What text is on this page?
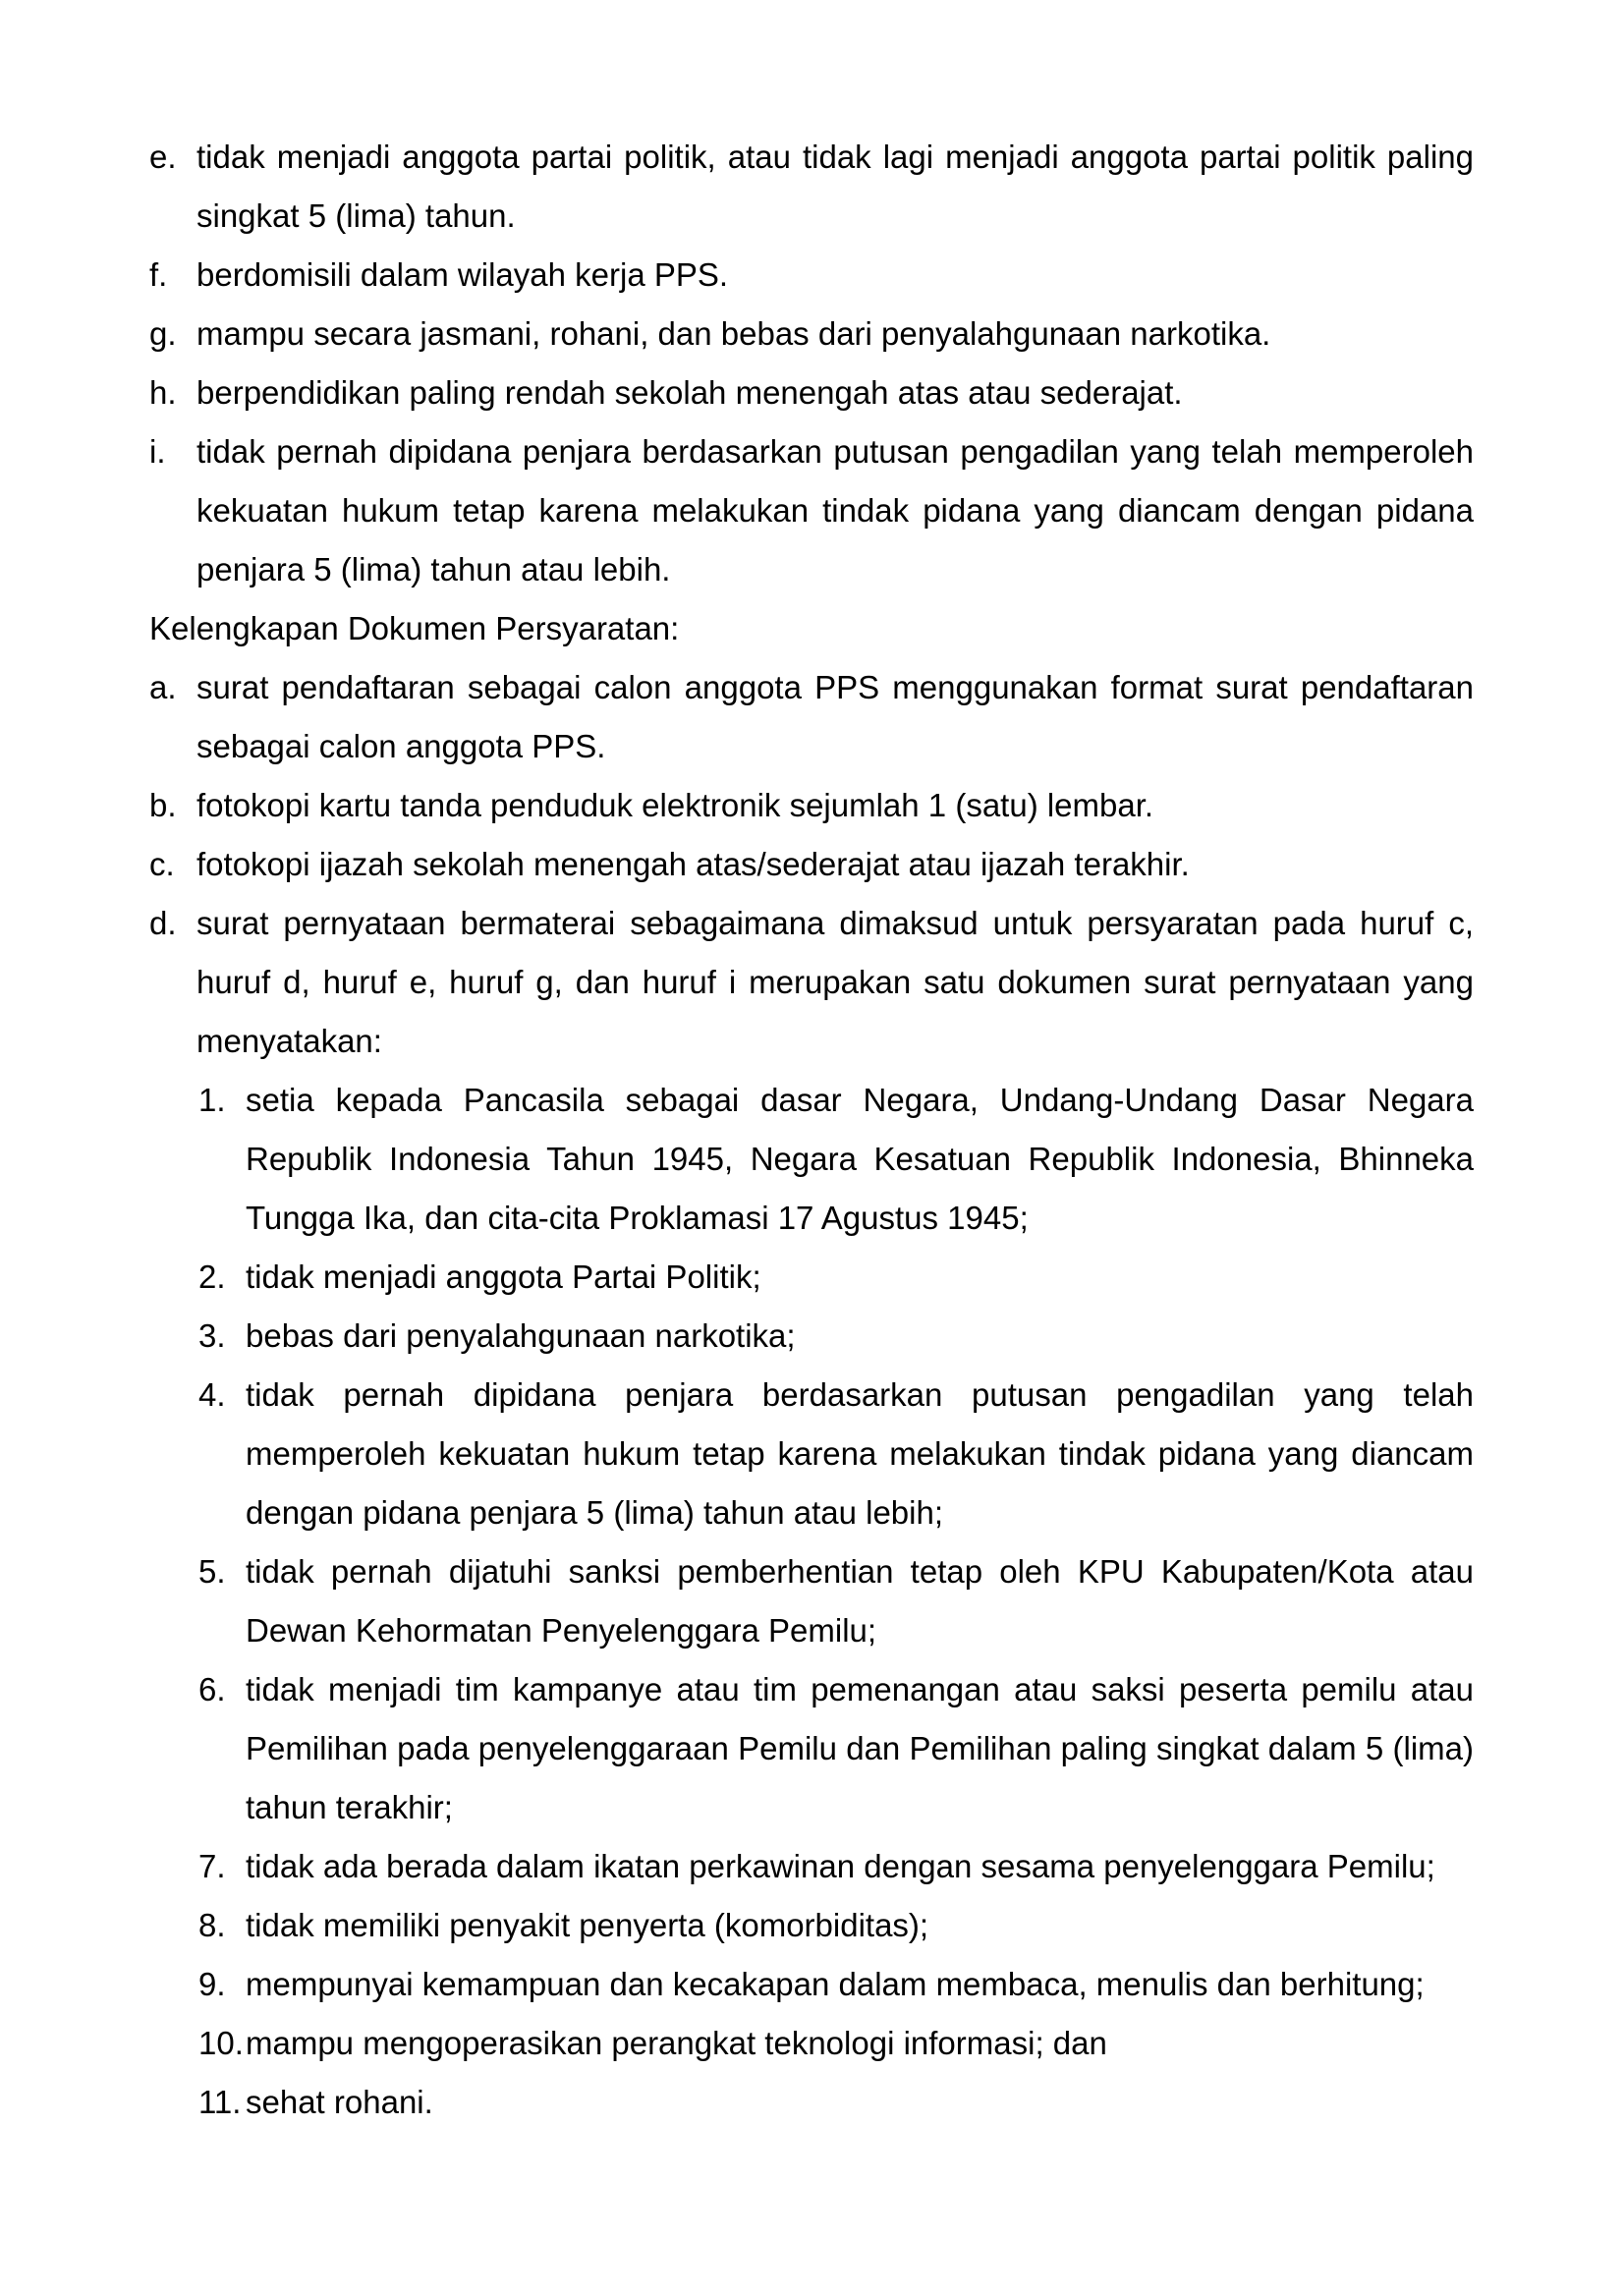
e. tidak menjadi anggota partai politik, atau tidak lagi menjadi anggota partai politik paling singkat 5 (lima) tahun.
f. berdomisili dalam wilayah kerja PPS.
g. mampu secara jasmani, rohani, dan bebas dari penyalahgunaan narkotika.
h. berpendidikan paling rendah sekolah menengah atas atau sederajat.
i. tidak pernah dipidana penjara berdasarkan putusan pengadilan yang telah memperoleh kekuatan hukum tetap karena melakukan tindak pidana yang diancam dengan pidana penjara 5 (lima) tahun atau lebih.
Kelengkapan Dokumen Persyaratan:
a. surat pendaftaran sebagai calon anggota PPS menggunakan format surat pendaftaran sebagai calon anggota PPS.
b. fotokopi kartu tanda penduduk elektronik sejumlah 1 (satu) lembar.
c. fotokopi ijazah sekolah menengah atas/sederajat atau ijazah terakhir.
d. surat pernyataan bermaterai sebagaimana dimaksud untuk persyaratan pada huruf c, huruf d, huruf e, huruf g, dan huruf i merupakan satu dokumen surat pernyataan yang menyatakan:
1. setia kepada Pancasila sebagai dasar Negara, Undang-Undang Dasar Negara Republik Indonesia Tahun 1945, Negara Kesatuan Republik Indonesia, Bhinneka Tungga Ika, dan cita-cita Proklamasi 17 Agustus 1945;
2. tidak menjadi anggota Partai Politik;
3. bebas dari penyalahgunaan narkotika;
4. tidak pernah dipidana penjara berdasarkan putusan pengadilan yang telah memperoleh kekuatan hukum tetap karena melakukan tindak pidana yang diancam dengan pidana penjara 5 (lima) tahun atau lebih;
5. tidak pernah dijatuhi sanksi pemberhentian tetap oleh KPU Kabupaten/Kota atau Dewan Kehormatan Penyelenggara Pemilu;
6. tidak menjadi tim kampanye atau tim pemenangan atau saksi peserta pemilu atau Pemilihan pada penyelenggaraan Pemilu dan Pemilihan paling singkat dalam 5 (lima) tahun terakhir;
7. tidak ada berada dalam ikatan perkawinan dengan sesama penyelenggara Pemilu;
8. tidak memiliki penyakit penyerta (komorbiditas);
9. mempunyai kemampuan dan kecakapan dalam membaca, menulis dan berhitung;
10. mampu mengoperasikan perangkat teknologi informasi; dan
11. sehat rohani.
